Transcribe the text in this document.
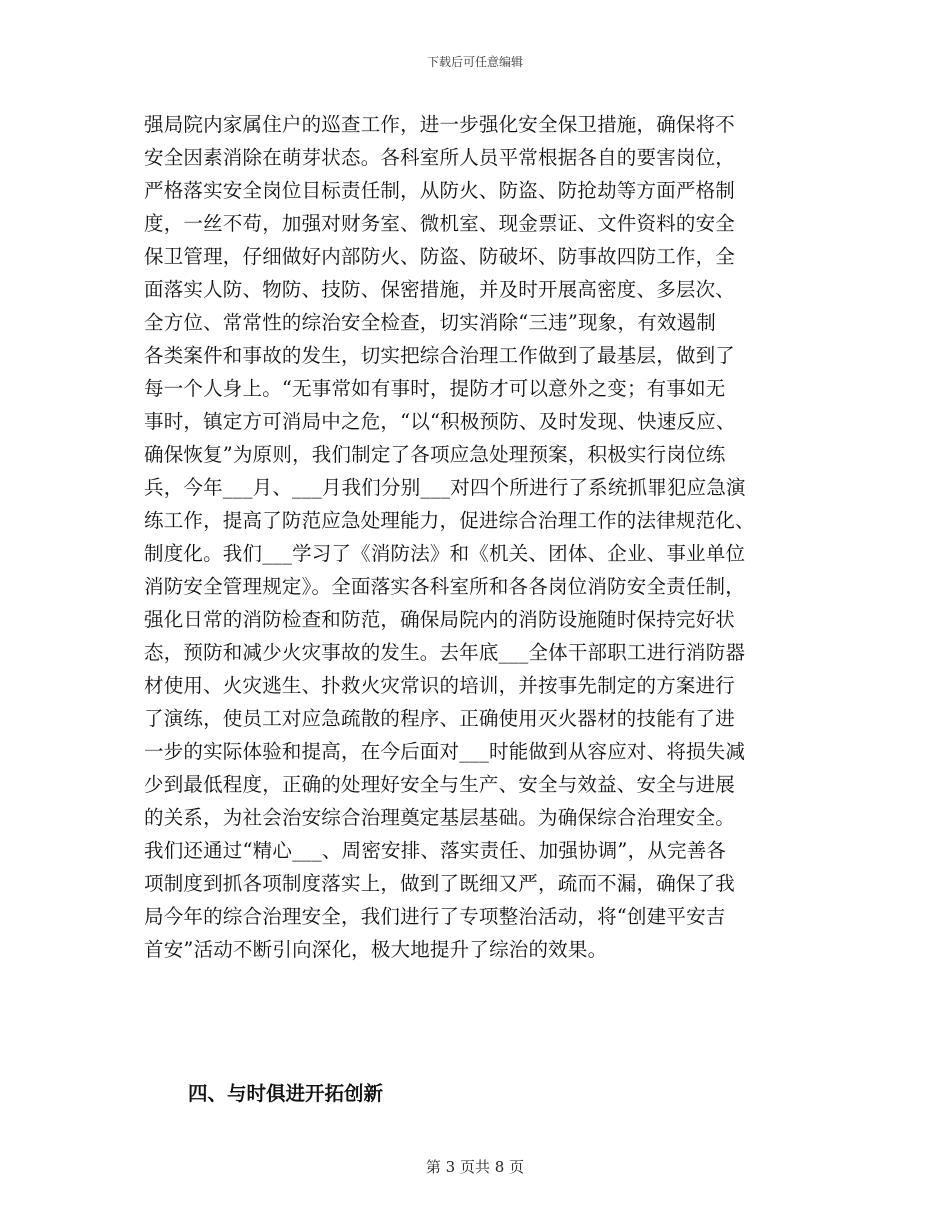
下载后可任意编辑
强局院内家属住户的巡查工作，进一步强化安全保卫措施，确保将不
安全因素消除在萌芽状态。各科室所人员平常根据各自的要害岗位，
严格落实安全岗位目标责任制，从防火、防盗、防抢劫等方面严格制
度，一丝不苟，加强对财务室、微机室、现金票证、文件资料的安全
保卫管理，仔细做好内部防火、防盗、防破坏、防事故四防工作，全
面落实人防、物防、技防、保密措施，并及时开展高密度、多层次、
全方位、常常性的综治安全检查，切实消除“三违”现象，有效遏制
各类案件和事故的发生，切实把综合治理工作做到了最基层，做到了
每一个人身上。“无事常如有事时，提防才可以意外之变；有事如无
事时，镇定方可消局中之危，“以“积极预防、及时发现、快速反应、
确保恢复”为原则，我们制定了各项应急处理预案，积极实行岗位练
兵，今年___月、___月我们分别___对四个所进行了系统抓罪犯应急演
练工作，提高了防范应急处理能力，促进综合治理工作的法律规范化、
制度化。我们___学习了《消防法》和《机关、团体、企业、事业单位
消防安全管理规定》。全面落实各科室所和各各岗位消防安全责任制，
强化日常的消防检查和防范，确保局院内的消防设施随时保持完好状
态，预防和减少火灾事故的发生。去年底___全体干部职工进行消防器
材使用、火灾逃生、扑救火灾常识的培训，并按事先制定的方案进行
了演练，使员工对应急疏散的程序、正确使用灭火器材的技能有了进
一步的实际体验和提高，在今后面对___时能做到从容应对、将损失减
少到最低程度，正确的处理好安全与生产、安全与效益、安全与进展
的关系，为社会治安综合治理奠定基层基础。为确保综合治理安全。
我们还通过“精心___、周密安排、落实责任、加强协调”，从完善各
项制度到抓各项制度落实上，做到了既细又严，疏而不漏，确保了我
局今年的综合治理安全，我们进行了专项整治活动，将“创建平安吉
首安”活动不断引向深化，极大地提升了综治的效果。
四、与时俱进开拓创新
第 3 页共 8 页
